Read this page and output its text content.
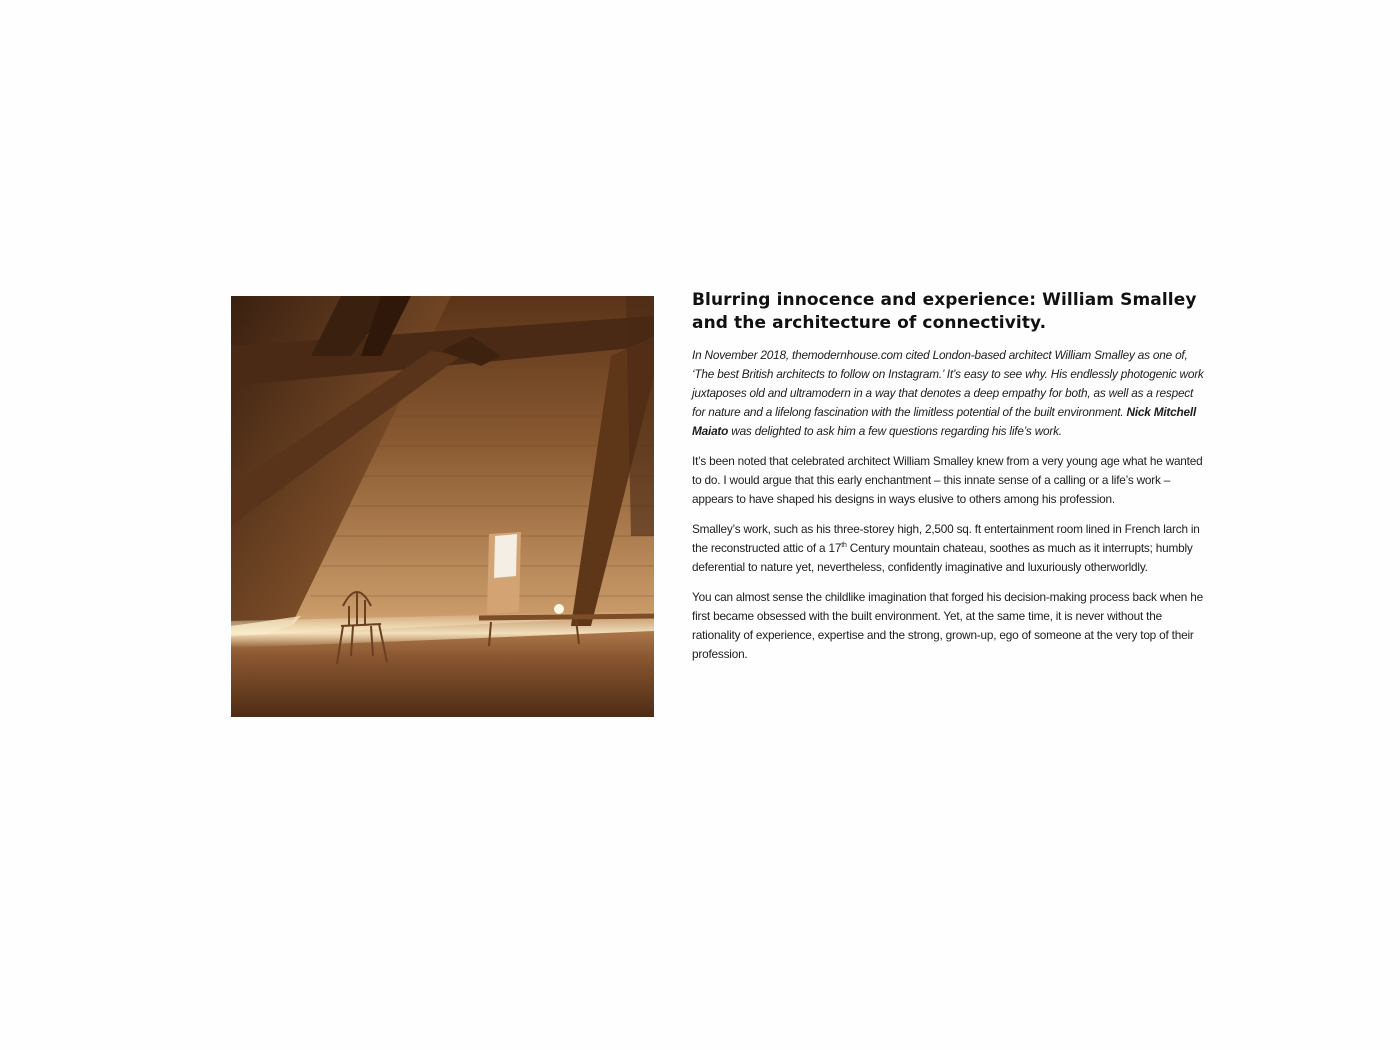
Blurring innocence and experience: William Smalley and the architecture of connectivity.

In November 2018, themodernhouse.com cited London-based architect William Smalley as one of, ‘The best British architects to follow on Instagram.’ It’s easy to see why. His endlessly photogenic work juxtaposes old and ultramodern in a way that denotes a deep empathy for both, as well as a respect for nature and a lifelong fascination with the limitless potential of the built environment. Nick Mitchell Maiato was delighted to ask him a few questions regarding his life’s work.

It’s been noted that celebrated architect William Smalley knew from a very young age what he wanted to do. I would argue that this early enchantment – this innate sense of a calling or a life’s work – appears to have shaped his designs in ways elusive to others among his profession.

Smalley’s work, such as his three-storey high, 2,500 sq. ft entertainment room lined in French larch in the reconstructed attic of a 17th Century mountain chateau, soothes as much as it interrupts; humbly deferential to nature yet, nevertheless, confidently imaginative and luxuriously otherworldly.

You can almost sense the childlike imagination that forged his decision-making process back when he first became obsessed with the built environment. Yet, at the same time, it is never without the rationality of experience, expertise and the strong, grown-up, ego of someone at the very top of their profession.
